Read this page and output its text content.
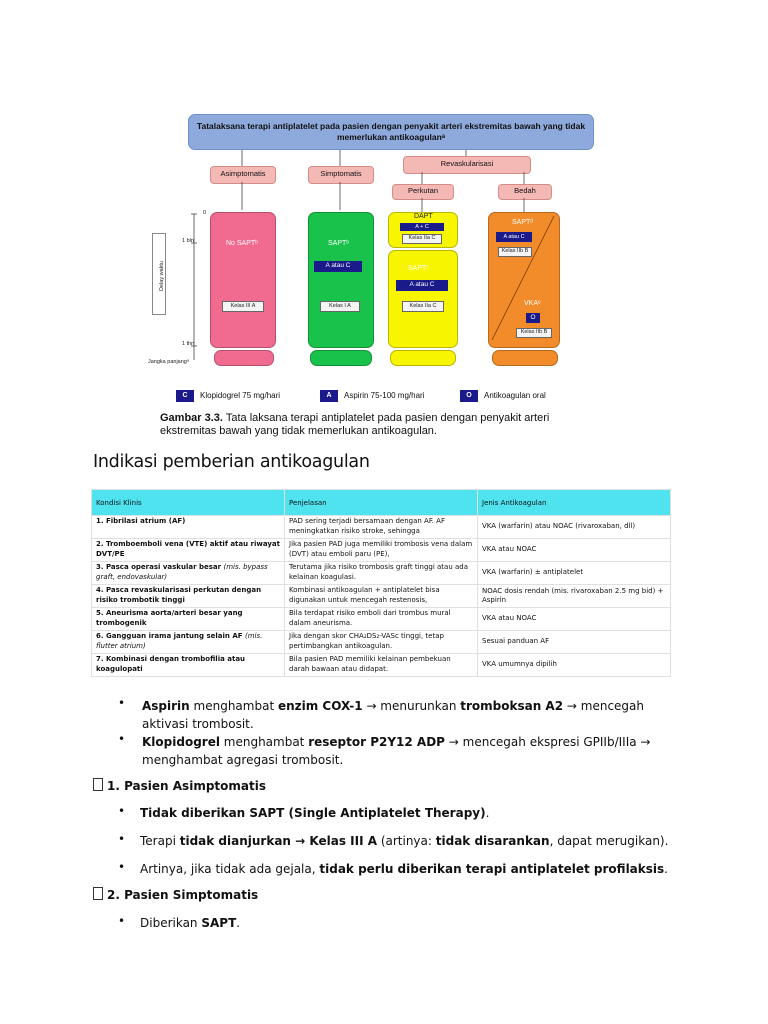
Tatalaksana terapi antiplatelet pada pasien dengan penyakit arteri ekstremitas bawah yang tidak memerlukan antikoagulanᵃ
Asimptomatis	Simptomatis
Revaskularisasi
Perkutan	Bedah
0
1 bln
1 thn
Jangka panjangᵃ
Delay waktu
No SAPTᵇ
Kelas III A
SAPTᵇ
A atau C
Kelas I A
DAPT
A + C
Kelas IIa C
SAPTᶜ
A atau C
Kelas IIa C
SAPTᵈ
A atau C
Kelas IIb B
VKAᵉ
O
Kelas IIb B
C	Klopidogrel 75 mg/hari	A	Aspirin 75-100 mg/hari	O	Antikoagulan oral
Gambar 3.3. Tata laksana terapi antiplatelet pada pasien dengan penyakit arteri ekstremitas bawah yang tidak memerlukan antikoagulan.
Indikasi pemberian antikoagulan
Kondisi Klinis	Penjelasan	Jenis Antikoagulan
1. Fibrilasi atrium (AF)	PAD sering terjadi bersamaan dengan AF. AF meningkatkan risiko stroke, sehingga	VKA (warfarin) atau NOAC (rivaroxaban, dll)
2. Tromboemboli vena (VTE) aktif atau riwayat DVT/PE	Jika pasien PAD juga memiliki trombosis vena dalam (DVT) atau emboli paru (PE),	VKA atau NOAC
3. Pasca operasi vaskular besar (mis. bypass graft, endovaskular)	Terutama jika risiko trombosis graft tinggi atau ada kelainan koagulasi.	VKA (warfarin) ± antiplatelet
4. Pasca revaskularisasi perkutan dengan risiko trombotik tinggi	Kombinasi antikoagulan + antiplatelet bisa digunakan untuk mencegah restenosis,	NOAC dosis rendah (mis. rivaroxaban 2.5 mg bid) + Aspirin
5. Aneurisma aorta/arteri besar yang trombogenik	Bila terdapat risiko emboli dari trombus mural dalam aneurisma.	VKA atau NOAC
6. Gangguan irama jantung selain AF (mis. flutter atrium)	Jika dengan skor CHA₂DS₂-VASc tinggi, tetap pertimbangkan antikoagulan.	Sesuai panduan AF
7. Kombinasi dengan trombofilia atau koagulopati	Bila pasien PAD memiliki kelainan pembekuan darah bawaan atau didapat.	VKA umumnya dipilih
• Aspirin menghambat enzim COX-1 → menurunkan tromboksan A2 → mencegah aktivasi trombosit.
• Klopidogrel menghambat reseptor P2Y12 ADP → mencegah ekspresi GPIIb/IIIa → menghambat agregasi trombosit.
1. Pasien Asimptomatis
• Tidak diberikan SAPT (Single Antiplatelet Therapy).
• Terapi tidak dianjurkan → Kelas III A (artinya: tidak disarankan, dapat merugikan).
• Artinya, jika tidak ada gejala, tidak perlu diberikan terapi antiplatelet profilaksis.
2. Pasien Simptomatis
• Diberikan SAPT.
